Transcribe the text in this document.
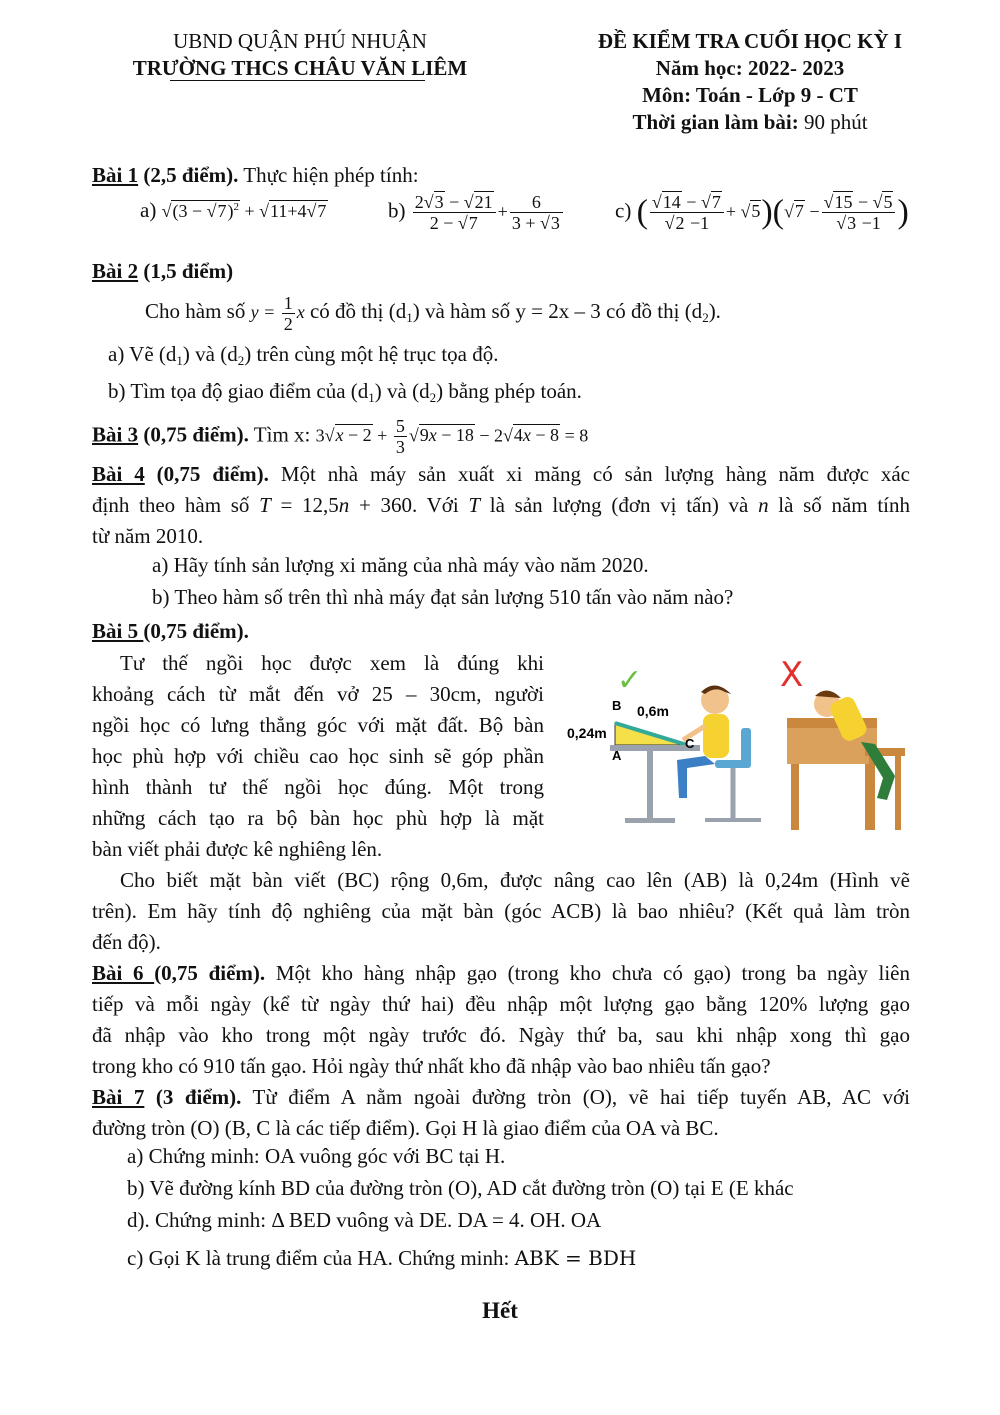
UBND QUẬN PHÚ NHUẬN
TRƯỜNG THCS CHÂU VĂN LIÊM
ĐỀ KIỂM TRA CUỐI HỌC KỲ I
Năm học: 2022- 2023
Môn: Toán - Lớp 9 - CT
Thời gian làm bài: 90 phút
Bài 1 (2,5 điểm). Thực hiện phép tính:
a) $√(3 - √7)^2 + √11+4√7$	$b) \frac{2√3 - √21}{2 - √7} + \frac{6}{3 + √3} c$) ( $\frac{√14 - √7}{√2 -1} + √5)(√7 - \frac{√15 - √5}{√3 -1}$ )
Bài 2 (1,5 điểm)
Cho hàm số $y = \frac{1}{2}$ x có đồ thị $(d_1)$ và hàm số y = 2x – 3 có đồ thị $(d_2)$.
a) Vẽ $(d_1)$ và $(d_2)$ trên cùng một hệ trục tọa độ.
b) Tìm tọa độ giao điểm của $(d_1)$ và $(d_2)$ bằng phép toán.
Bài 3 (0,75 điểm). Tìm x: $3√x - 2 + \frac{5}{3} √9x - 18 - 2√4x - 8 = 8$
Bài 4 (0,75 điểm). Một nhà máy sản xuất xi măng có sản lượng hàng năm được xác
định theo hàm số T = 12,5n + 360. Với T là sản lượng (đơn vị tấn) và n là số năm tính
từ năm 2010.
a) Hãy tính sản lượng xi măng của nhà máy vào năm 2020.
b) Theo hàm số trên thì nhà máy đạt sản lượng 510 tấn vào năm nào?
Bài 5 (0,75 điểm).
Tư thế ngồi học được xem là đúng khi
khoảng cách từ mắt đến vở 25 – 30cm, người
ngồi học có lưng thẳng góc với mặt đất. Bộ bàn
học phù hợp với chiều cao học sinh sẽ góp phần
hình thành tư thế ngồi học đúng. Một trong
những cách tạo ra bộ bàn học phù hợp là mặt
bàn viết phải được kê nghiêng lên.
✓	X
B
A
C
0,6m
0,24m
Cho biết mặt bàn viết (BC) rộng 0,6m, được nâng cao lên (AB) là 0,24m (Hình vẽ
trên). Em hãy tính độ nghiêng của mặt bàn (góc ACB) là bao nhiêu? (Kết quả làm tròn
đến độ).
Bài 6 (0,75 điểm). Một kho hàng nhập gạo (trong kho chưa có gạo) trong ba ngày liên
tiếp và mỗi ngày (kể từ ngày thứ hai) đều nhập một lượng gạo bằng 120% lượng gạo
đã nhập vào kho trong một ngày trước đó. Ngày thứ ba, sau khi nhập xong thì gạo
trong kho có 910 tấn gạo. Hỏi ngày thứ nhất kho đã nhập vào bao nhiêu tấn gạo?
Bài 7 (3 điểm). Từ điểm A nằm ngoài đường tròn (O), vẽ hai tiếp tuyến AB, AC với
đường tròn (O) (B, C là các tiếp điểm). Gọi H là giao điểm của OA và BC.
a) Chứng minh: OA vuông góc với BC tại H.
b) Vẽ đường kính BD của đường tròn (O), AD cắt đường tròn (O) tại E (E khác
d). Chứng minh: Δ BED vuông và DE. DA = 4. OH. OA
c) Gọi K là trung điểm của HA. Chứng minh: ABK = BDH
Hết
